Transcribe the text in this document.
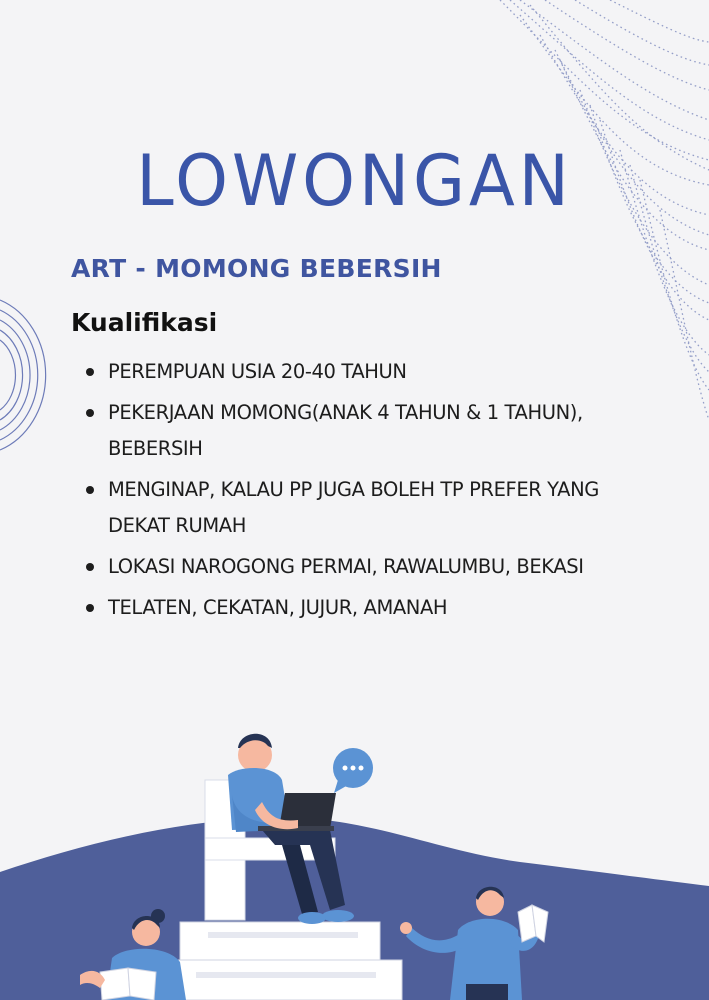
LOWONGAN
ART - MOMONG BEBERSIH
Kualifikasi
PEREMPUAN USIA 20-40 TAHUN
PEKERJAAN MOMONG(ANAK 4 TAHUN & 1 TAHUN), BEBERSIH
MENGINAP, KALAU PP JUGA BOLEH TP PREFER YANG DEKAT RUMAH
LOKASI NAROGONG PERMAI, RAWALUMBU, BEKASI
TELATEN, CEKATAN, JUJUR, AMANAH
